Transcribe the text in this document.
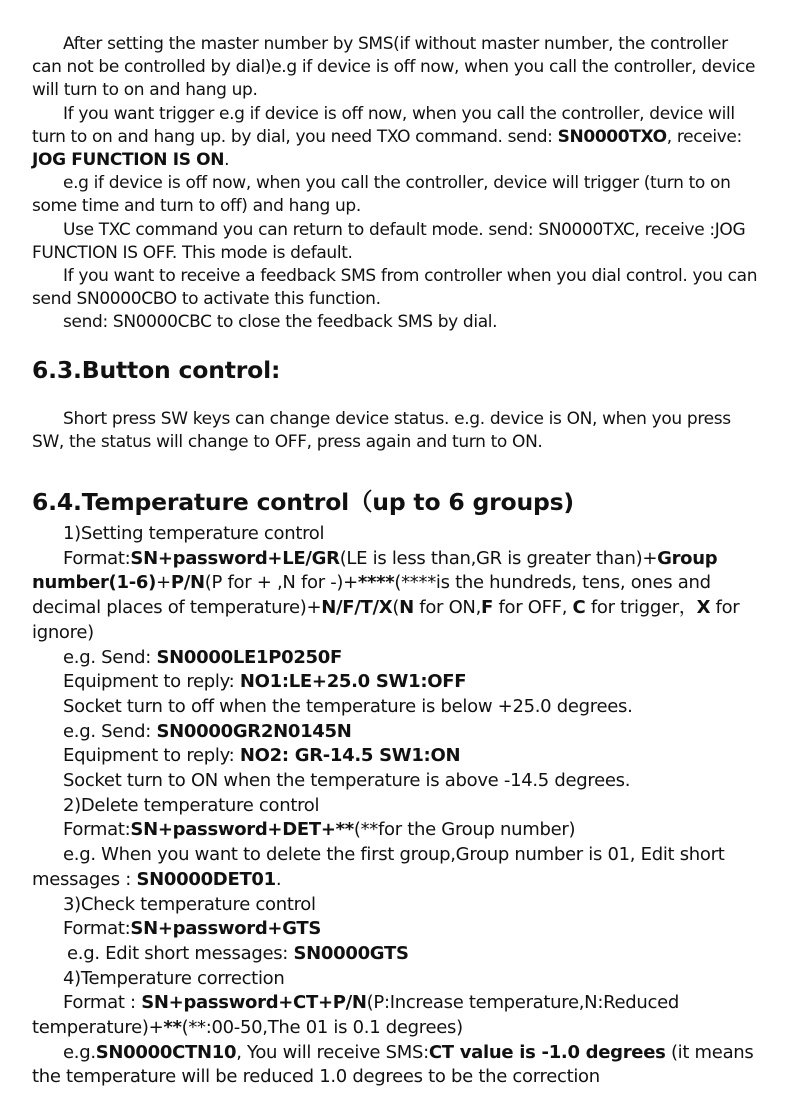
After setting the master number by SMS(if without master number, the controller can not be controlled by dial)e.g if device is off now, when you call the controller, device will turn to on and hang up.

If you want trigger e.g if device is off now, when you call the controller, device will turn to on and hang up. by dial, you need TXO command. send: SN0000TXO, receive: JOG FUNCTION IS ON.

e.g if device is off now, when you call the controller, device will trigger (turn to on some time and turn to off) and hang up.

Use TXC command you can return to default mode. send: SN0000TXC, receive :JOG FUNCTION IS OFF. This mode is default.

If you want to receive a feedback SMS from controller when you dial control. you can send SN0000CBO to activate this function.

send: SN0000CBC to close the feedback SMS by dial.

6.3.Button control:

Short press SW keys can change device status. e.g. device is ON, when you press SW, the status will change to OFF, press again and turn to ON.

6.4.Temperature control（up to 6 groups)

1)Setting temperature control

Format:SN+password+LE/GR(LE is less than,GR is greater than)+Group number(1-6)+P/N(P for + ,N for -)+****(****is the hundreds, tens, ones and decimal places of temperature)+N/F/T/X(N for ON,F for OFF, C for trigger，X for ignore)

e.g. Send: SN0000LE1P0250F

Equipment to reply: NO1:LE+25.0 SW1:OFF

Socket turn to off when the temperature is below +25.0 degrees.

e.g. Send: SN0000GR2N0145N

Equipment to reply: NO2: GR-14.5 SW1:ON

Socket turn to ON when the temperature is above -14.5 degrees.

2)Delete temperature control

Format:SN+password+DET+**(**for the Group number)

e.g. When you want to delete the first group,Group number is 01, Edit short messages : SN0000DET01.

3)Check temperature control

Format:SN+password+GTS

e.g. Edit short messages: SN0000GTS

4)Temperature correction

Format : SN+password+CT+P/N(P:Increase temperature,N:Reduced temperature)+**(**:00-50,The 01 is 0.1 degrees)

e.g.SN0000CTN10, You will receive SMS:CT value is -1.0 degrees (it means the temperature will be reduced 1.0 degrees to be the correction
